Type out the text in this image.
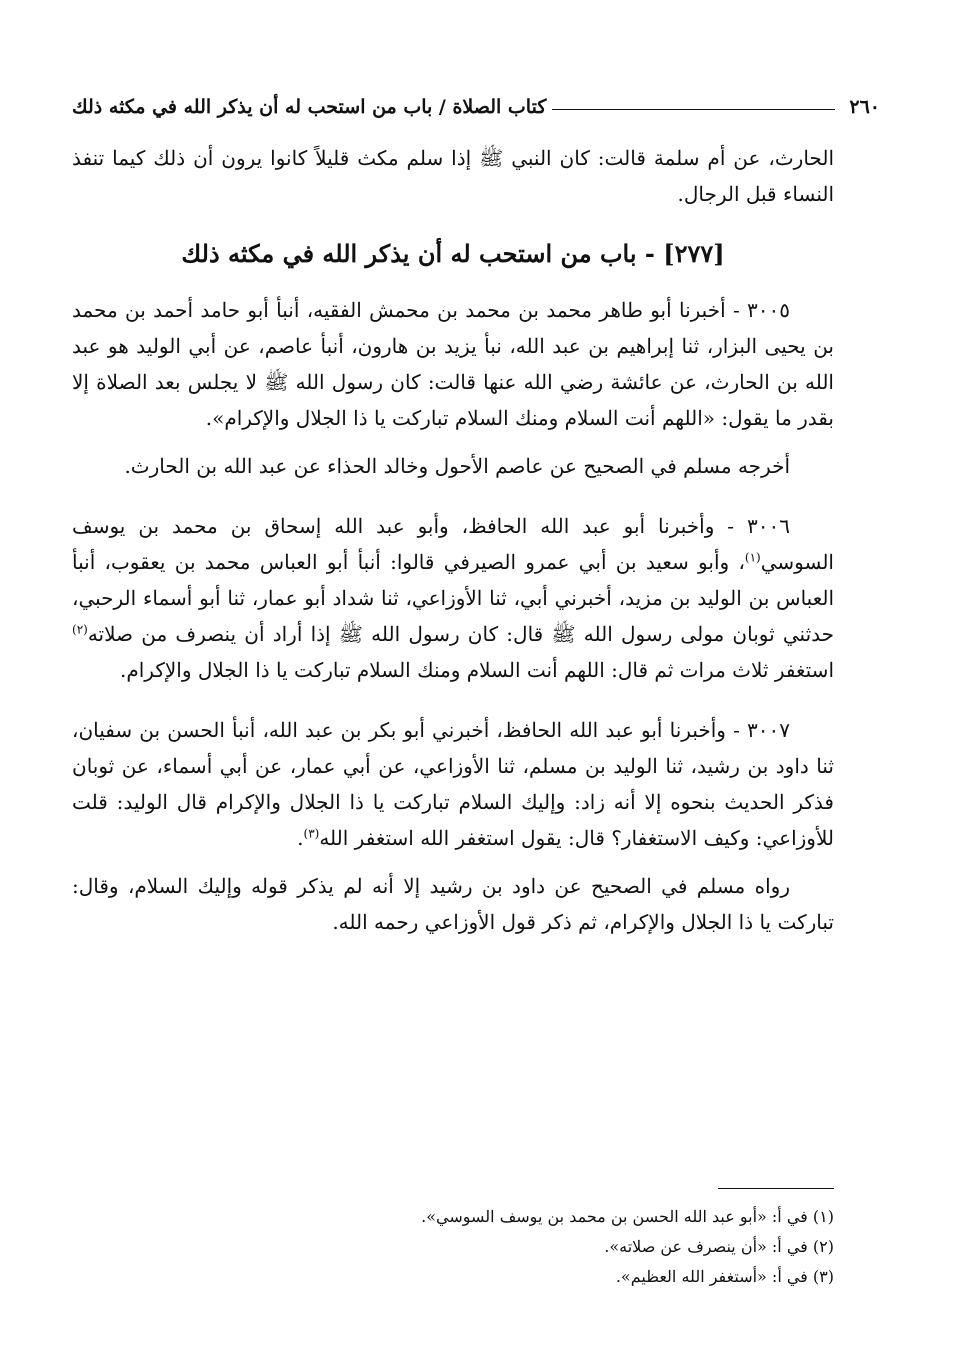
٢٦٠
كتاب الصلاة / باب من استحب له أن يذكر الله في مكثه ذلك

الحارث، عن أم سلمة قالت: كان النبي ﷺ إذا سلم مكث قليلاً كانوا يرون أن ذلك كيما تنفذ النساء قبل الرجال.

[٢٧٧] - باب من استحب له أن يذكر الله في مكثه ذلك

٣٠٠٥ - أخبرنا أبو طاهر محمد بن محمد بن محمش الفقيه، أنبأ أبو حامد أحمد بن محمد بن يحيى البزار، ثنا إبراهيم بن عبد الله، نبأ يزيد بن هارون، أنبأ عاصم، عن أبي الوليد هو عبد الله بن الحارث، عن عائشة رضي الله عنها قالت: كان رسول الله ﷺ لا يجلس بعد الصلاة إلا بقدر ما يقول: «اللهم أنت السلام ومنك السلام تباركت يا ذا الجلال والإكرام».

أخرجه مسلم في الصحيح عن عاصم الأحول وخالد الحذاء عن عبد الله بن الحارث.

٣٠٠٦ - وأخبرنا أبو عبد الله الحافظ، وأبو عبد الله إسحاق بن محمد بن يوسف السوسي$^{(١)}$، وأبو سعيد بن أبي عمرو الصيرفي قالوا: أنبأ أبو العباس محمد بن يعقوب، أنبأ العباس بن الوليد بن مزيد، أخبرني أبي، ثنا الأوزاعي، ثنا شداد أبو عمار، ثنا أبو أسماء الرحبي، حدثني ثوبان مولى رسول الله ﷺ قال: كان رسول الله ﷺ إذا أراد أن ينصرف من صلاته$^{(٢)}$ استغفر ثلاث مرات ثم قال: اللهم أنت السلام ومنك السلام تباركت يا ذا الجلال والإكرام.

٣٠٠٧ - وأخبرنا أبو عبد الله الحافظ، أخبرني أبو بكر بن عبد الله، أنبأ الحسن بن سفيان، ثنا داود بن رشيد، ثنا الوليد بن مسلم، ثنا الأوزاعي، عن أبي عمار، عن أبي أسماء، عن ثوبان فذكر الحديث بنحوه إلا أنه زاد: وإليك السلام تباركت يا ذا الجلال والإكرام قال الوليد: قلت للأوزاعي: وكيف الاستغفار؟ قال: يقول استغفر الله استغفر الله$^{(٣)}$.

رواه مسلم في الصحيح عن داود بن رشيد إلا أنه لم يذكر قوله وإليك السلام، وقال: تباركت يا ذا الجلال والإكرام، ثم ذكر قول الأوزاعي رحمه الله.

(١) في أ: «أبو عبد الله الحسن بن محمد بن يوسف السوسي».
(٢) في أ: «أن ينصرف عن صلاته».
(٣) في أ: «أستغفر الله العظيم».
